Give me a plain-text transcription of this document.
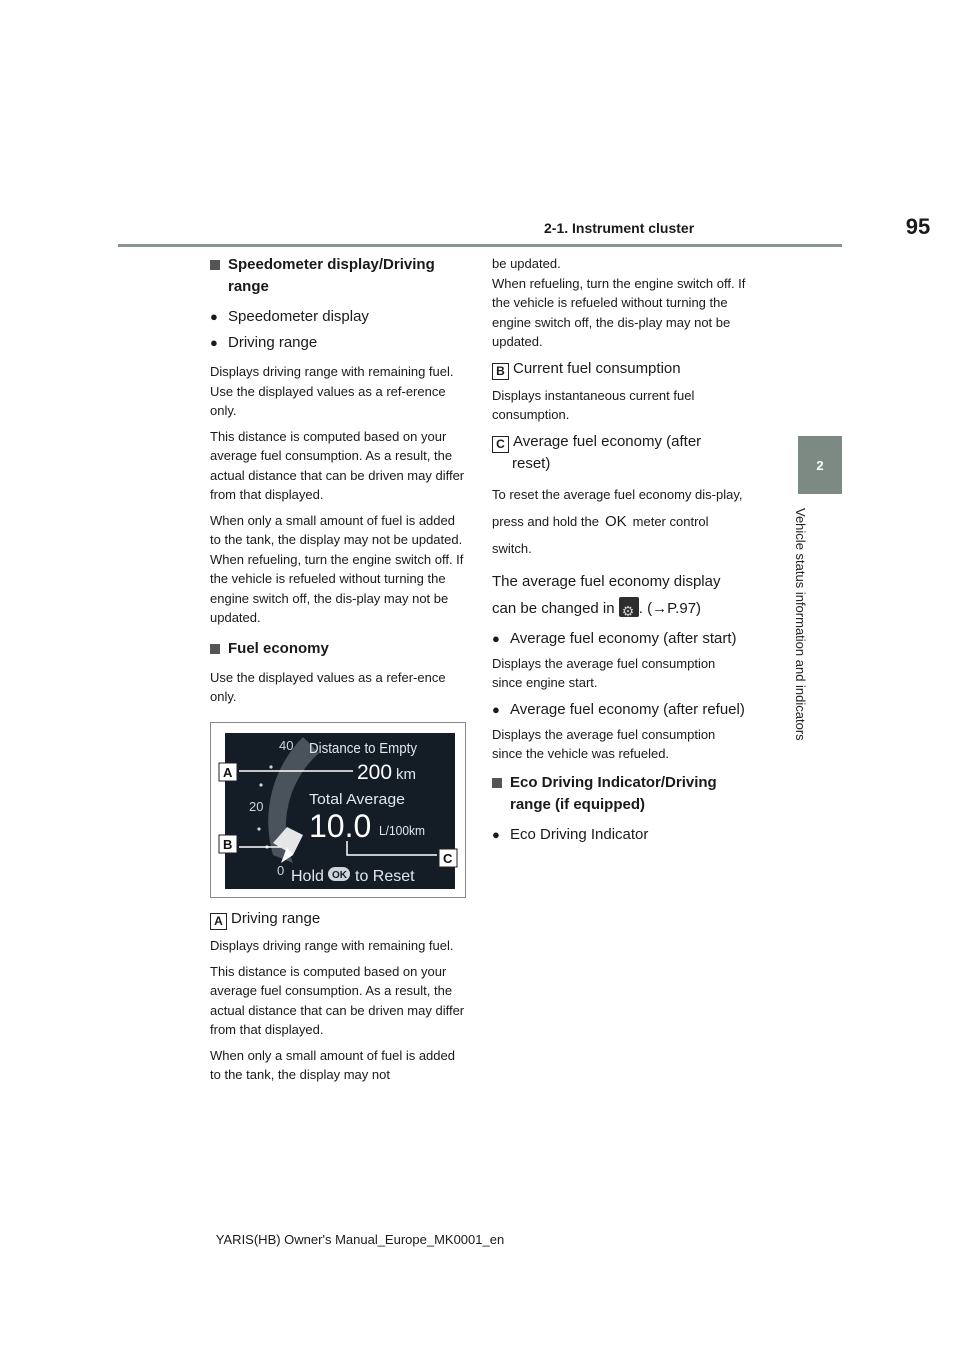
95
2-1. Instrument cluster
2
Vehicle status information and indicators
Speedometer display/Driving range
● Speedometer display
● Driving range

Displays driving range with remaining fuel. Use the displayed values as a ref-erence only.

This distance is computed based on your average fuel consumption. As a result, the actual distance that can be driven may differ from that displayed.

When only a small amount of fuel is added to the tank, the display may not be updated.

When refueling, turn the engine switch off. If the vehicle is refueled without turning the engine switch off, the dis-play may not be updated.

Fuel economy

Use the displayed values as a refer-ence only.

40
20
0
Distance to Empty
200 km
Total Average
10.0 L/100km
Hold OK to Reset
A
B
C
A Driving range

Displays driving range with remaining fuel.

This distance is computed based on your average fuel consumption. As a result, the actual distance that can be driven may differ from that displayed.

When only a small amount of fuel is added to the tank, the display may not

be updated.

When refueling, turn the engine switch off. If the vehicle is refueled without turning the engine switch off, the dis-play may not be updated.

B Current fuel consumption

Displays instantaneous current fuel consumption.

C Average fuel economy (after
reset)

To reset the average fuel economy dis-play, press and hold the OK meter control switch.

The average fuel economy display can be changed in ⚙ . (→P.97)

● Average fuel economy (after start)

Displays the average fuel consumption since engine start.

● Average fuel economy (after refuel)

Displays the average fuel consumption since the vehicle was refueled.

Eco Driving Indicator/Driving range (if equipped)
● Eco Driving Indicator
YARIS(HB) Owner's Manual_Europe_MK0001_en
